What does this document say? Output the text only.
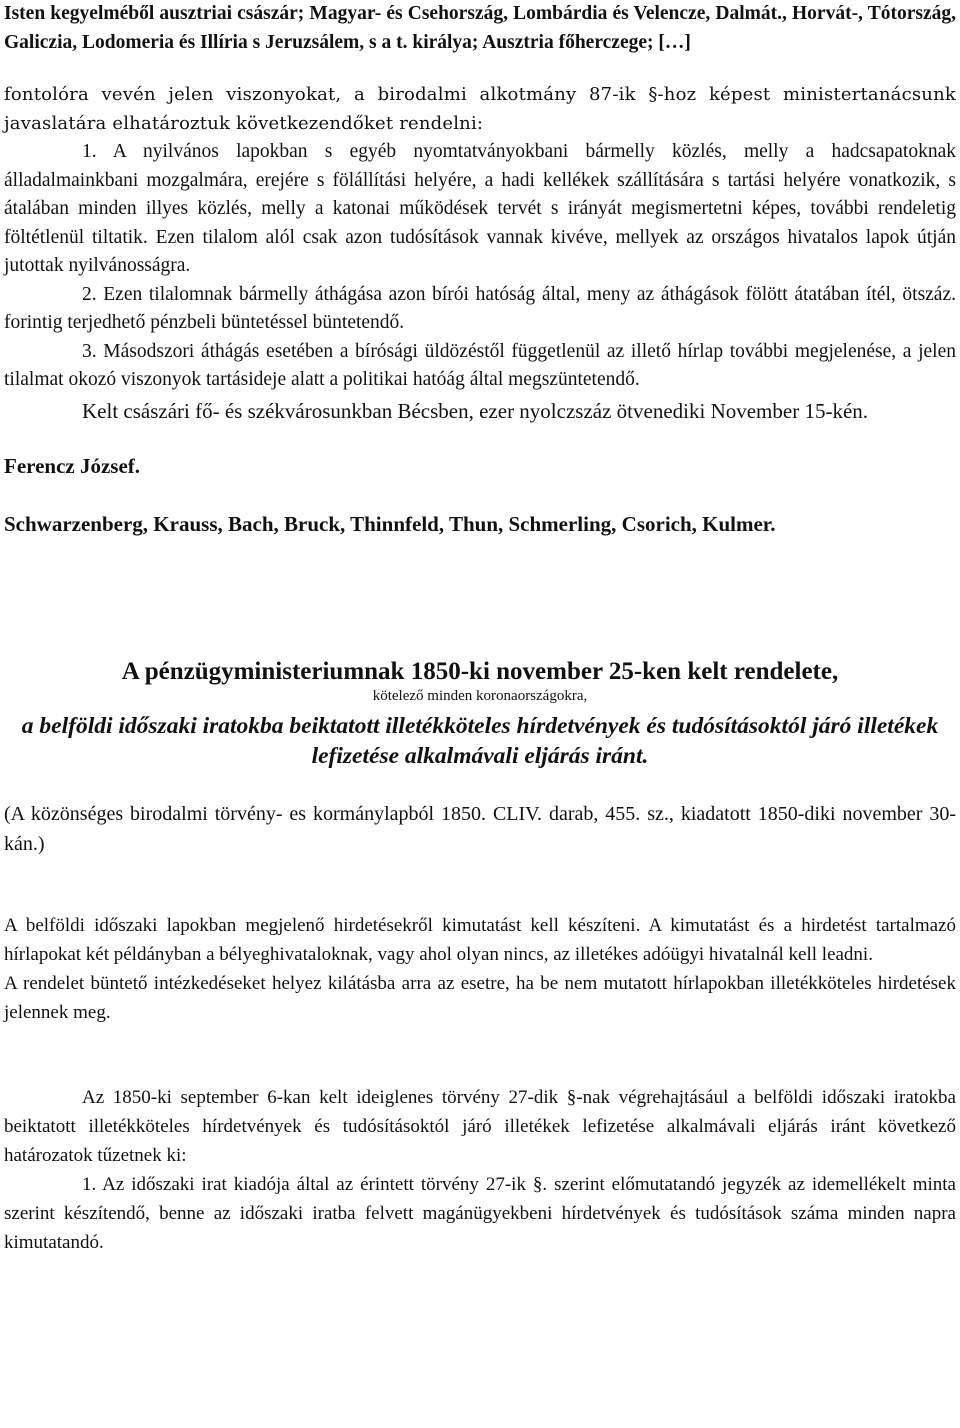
Isten kegyelméből ausztriai császár; Magyar- és Csehország, Lombárdia és Velencze, Dalmát., Horvát-, Tótország, Galiczia, Lodomeria és Illíria s Jeruzsálem, s a t. királya; Ausztria főherczege; […]

fontolóra vevén jelen viszonyokat, a birodalmi alkotmány 87-ik §-hoz képest ministertanácsunk javaslatára elhatároztuk következendőket rendelni:

1. A nyilvános lapokban s egyéb nyomtatványokbani bármelly közlés, melly a hadcsapatoknak álladalmainkbani mozgalmára, erejére s fölállítási helyére, a hadi kellékek szállítására s tartási helyére vonatkozik, s átalában minden illyes közlés, melly a katonai működések tervét s irányát megismertetni képes, további rendeletig föltétlenül tiltatik. Ezen tilalom alól csak azon tudósítások vannak kivéve, mellyek az országos hivatalos lapok útján jutottak nyilvánosságra.

2. Ezen tilalomnak bármelly áthágása azon bírói hatóság által, meny az áthágások fölött átatában ítél, ötszáz. forintig terjedhető pénzbeli büntetéssel büntetendő.

3. Másodszori áthágás esetében a bírósági üldözéstől függetlenül az illető hírlap további megjelenése, a jelen tilalmat okozó viszonyok tartásideje alatt a politikai hatóág által megszüntetendő.

Kelt császári fő- és székvárosunkban Bécsben, ezer nyolczszáz ötvenediki November 15-kén.

Ferencz József.

Schwarzenberg, Krauss, Bach, Bruck, Thinnfeld, Thun, Schmerling, Csorich, Kulmer.

A pénzügyministeriumnak 1850-ki november 25-ken kelt rendelete,

kötelező minden koronaországokra,

a belföldi időszaki iratokba beiktatott illetékköteles hírdetvények és tudósításoktól járó illetékek lefizetése alkalmávali eljárás iránt.

(A közönséges birodalmi törvény- es kormánylapból 1850. CLIV. darab, 455. sz., kiadatott 1850-diki november 30-kán.)

A belföldi időszaki lapokban megjelenő hirdetésekről kimutatást kell készíteni. A kimutatást és a hirdetést tartalmazó hírlapokat két példányban a bélyeghivataloknak, vagy ahol olyan nincs, az illetékes adóügyi hivatalnál kell leadni.

A rendelet büntető intézkedéseket helyez kilátásba arra az esetre, ha be nem mutatott hírlapokban illetékköteles hirdetések jelennek meg.

Az 1850-ki september 6-kan kelt ideiglenes törvény 27-dik §-nak végrehajtásául a belföldi időszaki iratokba beiktatott illetékköteles hírdetvények és tudósításoktól járó illetékek lefizetése alkalmávali eljárás iránt következő határozatok tűzetnek ki:

1. Az időszaki irat kiadója által az érintett törvény 27-ik §. szerint előmutatandó jegyzék az idemellékelt minta szerint készítendő, benne az időszaki iratba felvett magánügyekbeni hírdetvények és tudósítások száma minden napra kimutatandó.
